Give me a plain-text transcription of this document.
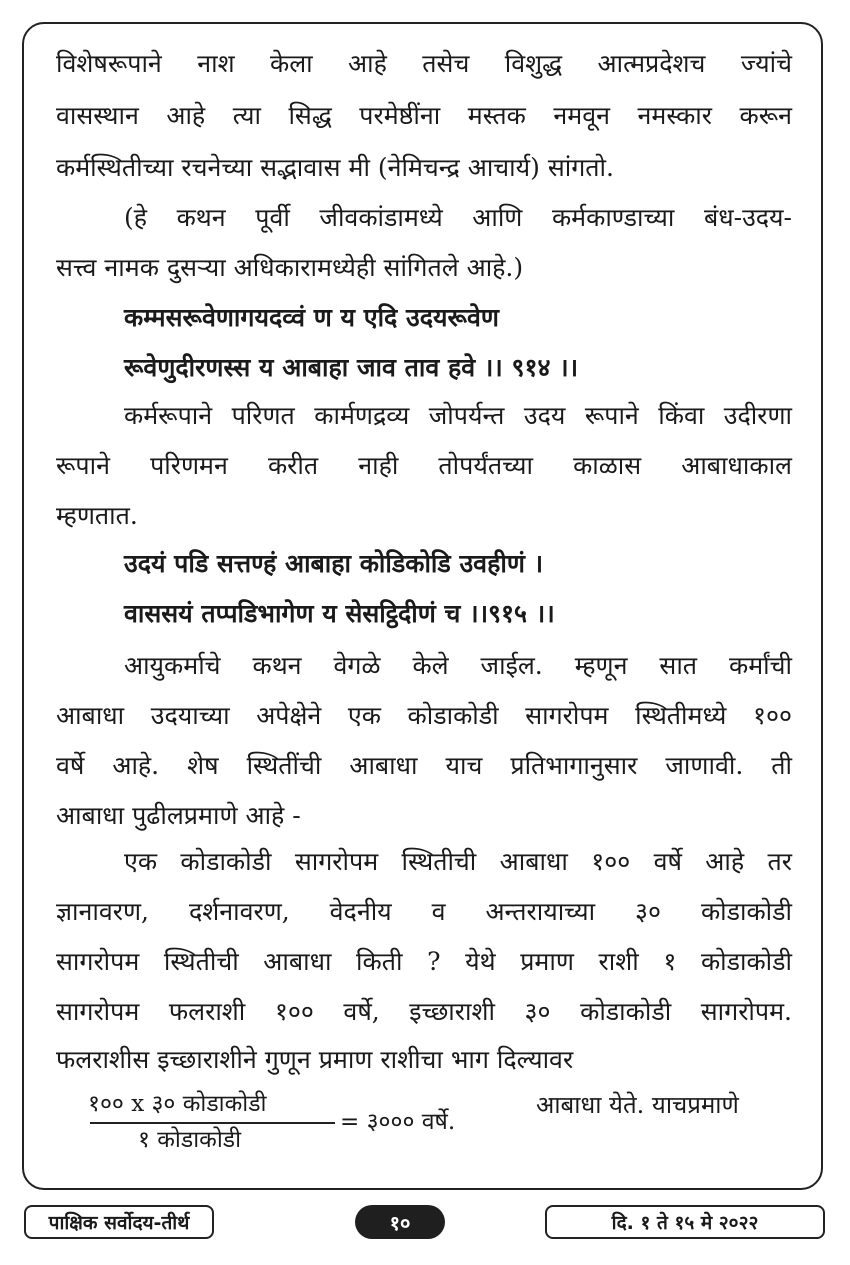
विशेषरूपाने नाश केला आहे तसेच विशुद्ध आत्मप्रदेशच ज्यांचे
वासस्थान आहे त्या सिद्ध परमेष्ठींना मस्तक नमवून नमस्कार करून
कर्मस्थितीच्या रचनेच्या सद्भावास मी (नेमिचन्द्र आचार्य) सांगतो.
(हे कथन पूर्वी जीवकांडामध्ये आणि कर्मकाण्डाच्या बंध-उदय-
सत्त्व नामक दुसऱ्या अधिकारामध्येही सांगितले आहे.)
कम्मसरूवेणागयदव्वं ण य एदि उदयरूवेण
रूवेणुदीरणस्स य आबाहा जाव ताव हवे ।। ९१४ ।।
कर्मरूपाने परिणत कार्मणद्रव्य जोपर्यन्त उदय रूपाने किंवा उदीरणा
रूपाने परिणमन करीत नाही तोपर्यंतच्या काळास आबाधाकाल
म्हणतात.
उदयं पडि सत्तण्हं आबाहा कोडिकोडि उवहीणं ।
वाससयं तप्पडिभागेण य सेसट्ठिदीणं च ।।९१५ ।।
आयुकर्माचे कथन वेगळे केले जाईल. म्हणून सात कर्मांची
आबाधा उदयाच्या अपेक्षेने एक कोडाकोडी सागरोपम स्थितीमध्ये १००
वर्षे आहे. शेष स्थितींची आबाधा याच प्रतिभागानुसार जाणावी. ती
आबाधा पुढीलप्रमाणे आहे -
एक कोडाकोडी सागरोपम स्थितीची आबाधा १०० वर्षे आहे तर
ज्ञानावरण, दर्शनावरण, वेदनीय व अन्तरायाच्या ३० कोडाकोडी
सागरोपम स्थितीची आबाधा किती ? येथे प्रमाण राशी १ कोडाकोडी
सागरोपम फलराशी १०० वर्षे, इच्छाराशी ३० कोडाकोडी सागरोपम.
फलराशीस इच्छाराशीने गुणून प्रमाण राशीचा भाग दिल्यावर
१०० x ३० कोडाकोडी
१ कोडाकोडी
= ३००० वर्षे.
आबाधा येते. याचप्रमाणे
पाक्षिक सर्वोदय-तीर्थ	१०	दि. १ ते १५ मे २०२२
